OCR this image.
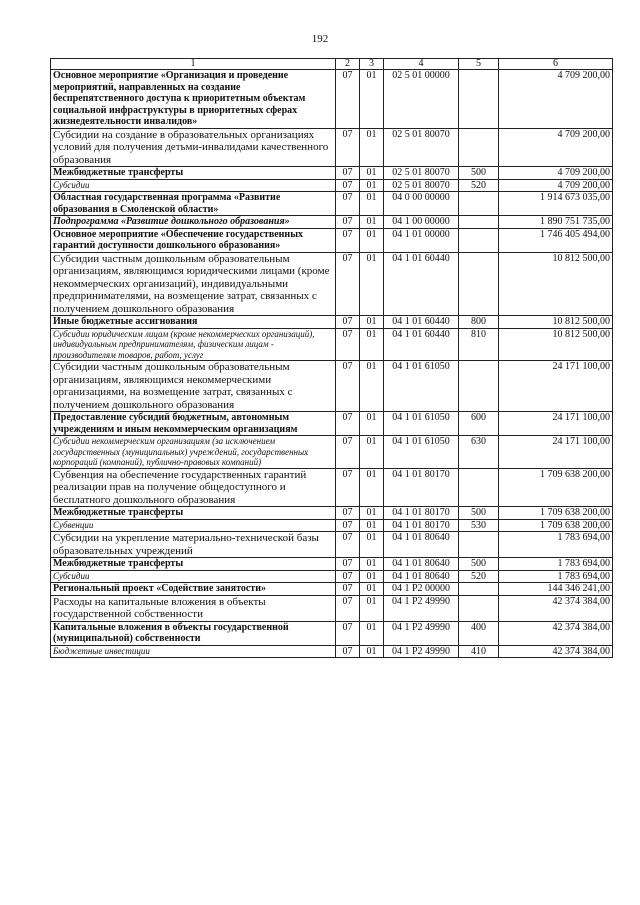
192
1	2	3	4	5	6
Основное мероприятие «Организация и проведение мероприятий, направленных на создание беспрепятственного доступа к приоритетным объектам социальной инфраструктуры в приоритетных сферах жизнедеятельности инвалидов»	07	01	02 5 01 00000		4 709 200,00
Субсидии на создание в образовательных организациях условий для получения детьми-инвалидами качественного образования	07	01	02 5 01 80070		4 709 200,00
Межбюджетные трансферты	07	01	02 5 01 80070	500	4 709 200,00
Субсидии	07	01	02 5 01 80070	520	4 709 200,00
Областная государственная программа «Развитие образования в Смоленской области»	07	01	04 0 00 00000		1 914 673 035,00
Подпрограмма «Развитие дошкольного образования»	07	01	04 1 00 00000		1 890 751 735,00
Основное мероприятие «Обеспечение государственных гарантий доступности дошкольного образования»	07	01	04 1 01 00000		1 746 405 494,00
Субсидии частным дошкольным образовательным организациям, являющимся юридическими лицами (кроме некоммерческих организаций), индивидуальными предпринимателями, на возмещение затрат, связанных с получением дошкольного образования	07	01	04 1 01 60440		10 812 500,00
Иные бюджетные ассигнования	07	01	04 1 01 60440	800	10 812 500,00
Субсидии юридическим лицам (кроме некоммерческих организаций), индивидуальным предпринимателям, физическим лицам - производителям товаров, работ, услуг	07	01	04 1 01 60440	810	10 812 500,00
Субсидии частным дошкольным образовательным организациям, являющимся некоммерческими организациями, на возмещение затрат, связанных с получением дошкольного образования	07	01	04 1 01 61050		24 171 100,00
Предоставление субсидий бюджетным, автономным учреждениям и иным некоммерческим организациям	07	01	04 1 01 61050	600	24 171 100,00
Субсидии некоммерческим организациям (за исключением государственных (муниципальных) учреждений, государственных корпораций (компаний), публично-правовых компаний)	07	01	04 1 01 61050	630	24 171 100,00
Субвенция на обеспечение государственных гарантий реализации прав на получение общедоступного и бесплатного дошкольного образования	07	01	04 1 01 80170		1 709 638 200,00
Межбюджетные трансферты	07	01	04 1 01 80170	500	1 709 638 200,00
Субвенции	07	01	04 1 01 80170	530	1 709 638 200,00
Субсидии на укрепление материально-технической базы образовательных учреждений	07	01	04 1 01 80640		1 783 694,00
Межбюджетные трансферты	07	01	04 1 01 80640	500	1 783 694,00
Субсидии	07	01	04 1 01 80640	520	1 783 694,00
Региональный проект «Содействие занятости»	07	01	04 1 P2 00000		144 346 241,00
Расходы на капитальные вложения в объекты государственной собственности	07	01	04 1 P2 49990		42 374 384,00
Капитальные вложения в объекты государственной (муниципальной) собственности	07	01	04 1 P2 49990	400	42 374 384,00
Бюджетные инвестиции	07	01	04 1 P2 49990	410	42 374 384,00
